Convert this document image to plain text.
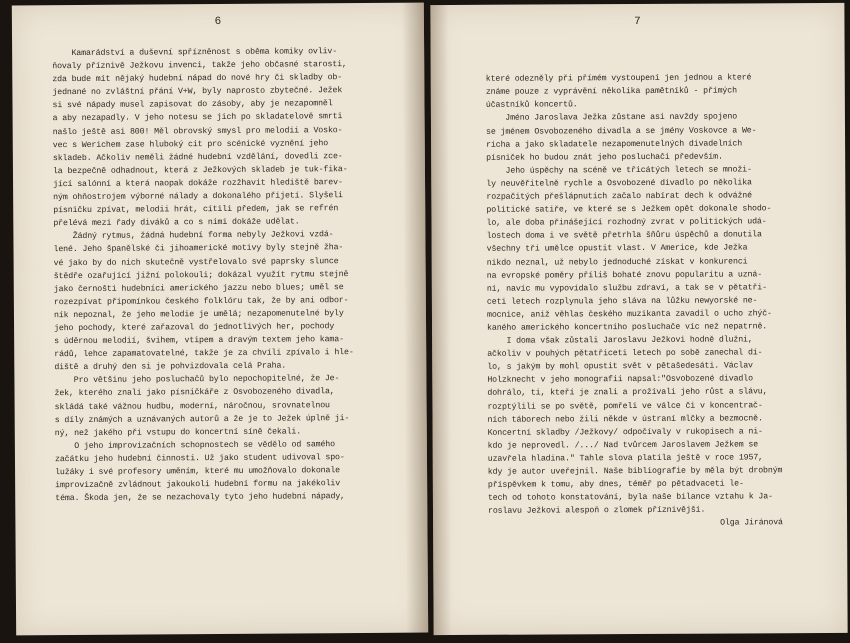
6
Kamarádství a duševní spřízněnost s oběma komiky ovliv-
ňovaly příznivě Ježkovu invenci, takže jeho občasné starosti,
zda bude mít nějaký hudební nápad do nové hry či skladby ob-
jednané no zvláštní přání V+W, byly naprosto zbytečné. Ježek
si své nápady musel zapisovat do zásoby, aby je nezapomněl
a aby nezapadly. V jeho notesu se jich po skladatelově smrti
našlo ještě asi 800! Měl obrovský smysl pro melodii a Vosko-
vec s Werichem zase hluboký cit pro scénické vyznění jeho
skladeb. Ačkoliv neměli žádné hudební vzdělání, dovedli zce-
la bezpečně odhadnout, která z Ježkových skladeb je tuk-fika-
jící salónní a která naopak dokáže rozžhavit hlediště barev-
ným ohňostrojem výborné nálady a dokonalého přijetí. Slyšeli
písničku zpívat, melodii hrát, cítili předem, jak se refrén
přelévá mezi řady diváků a co s nimi dokáže udělat.
Žádný rytmus, žádná hudební forma nebyly Ježkovi vzdá-
lené. Jeho španělské či jihoamerické motivy byly stejně žha-
vé jako by do nich skutečně vystřelovalo své paprsky slunce
štědře ozařující jižní polokouli; dokázal využít rytmu stejně
jako černošti hudebníci amerického jazzu nebo blues; uměl se
rozezpívat připomínkou českého folklóru tak, že by ani odbor-
ník nepoznal, že jeho melodie je umělá; nezapomenutelné byly
jeho pochody, které zařazoval do jednotlivých her, pochody
s úděrnou melodií, švihem, vtipem a dravým textem jeho kama-
rádů, lehce zapamatovatelné, takže je za chvíli zpívalo i hle-
diště a druhý den si je pohvizdovala celá Praha.
Pro většinu jeho posluchačů bylo nepochopitelné, že Je-
žek, kterého znali jako písničkáře z Osvobozeného divadla,
skládá také vážnou hudbu, moderní, náročnou, srovnatelnou
s díly známých a uznávaných autorů a že je to Ježek úplně ji-
ný, než jakého při vstupu do koncertní síně čekali.
O jeho improvizačních schopnostech se vědělo od samého
začátku jeho hudební činnosti. Už jako student udivoval spo-
lužáky i své profesory uměním, které mu umožňovalo dokonale
improvizačně zvládnout jakoukoli hudební formu na jakékoliv
téma. Škoda jen, že se nezachovaly tyto jeho hudební nápady,
7

které odezněly při přímém vystoupení jen jednou a které
známe pouze z vyprávění několika pamětníků - přímých
účastníků koncertů.
Jméno Jaroslava Ježka zůstane asi navždy spojeno
se jménem Osvobozeného divadla a se jmény Voskovce a We-
richa a jako skladatele nezapomenutelných divadelních
písniček ho budou znát jeho posluchači především.
Jeho úspěchy na scéně ve třicátých letech se množi-
ly neuvěřitelně rychle a Osvobozené divadlo po několika
rozpačitých přešlápnutích začalo nabírat dech k odvážné
politické satiře, ve které se s Ježkem opět dokonale shodo-
lo, ale doba přinášející rozhodný zvrat v politických udá-
lostech doma i ve světě přetrhla šňůru úspěchů a donutila
všechny tři umělce opustit vlast. V Americe, kde Ježka
nikdo neznal, už nebylo jednoduché získat v konkurenci
na evropské poměry příliš bohaté znovu popularitu a uzná-
ní, navíc mu vypovídalo službu zdraví, a tak se v pětatři-
ceti letech rozplynula jeho sláva na lůžku newyorské ne-
mocnice, aniž věhlas českého muzikanta zavadil o ucho zhýč-
kaného amerického koncertního posluchače víc než nepatrně.
I doma však zůstali Jaroslavu Ježkovi hodně dlužni,
ačkoliv v pouhých pětatřiceti letech po sobě zanechal dí-
lo, s jakým by mohl opustit svět v pětašedesáti. Václav
Holzknecht v jeho monografii napsal:"Osvobozené divadlo
dohrálo, ti, kteří je znali a prožívali jeho růst a slávu,
rozptýlili se po světě, pomřeli ve válce či v koncentrač-
ních táborech nebo žili někde v ústraní mlčky a bezmocně.
Koncertní skladby /Ježkovy/ odpočívaly v rukopisech a ni-
kdo je neprovedl. /.../ Nad tvůrcem Jaroslavem Ježkem se
uzavřela hladina." Tahle slova platila ještě v roce 1957,
kdy je autor uveřejnil. Naše bibliografie by měla být drobným
příspěvkem k tomu, aby dnes, téměř po pětadvaceti le-
tech od tohoto konstatování, byla naše bilance vztahu k Ja-
roslavu Ježkovi alespoň o zlomek příznivější.
Olga Jiránová
